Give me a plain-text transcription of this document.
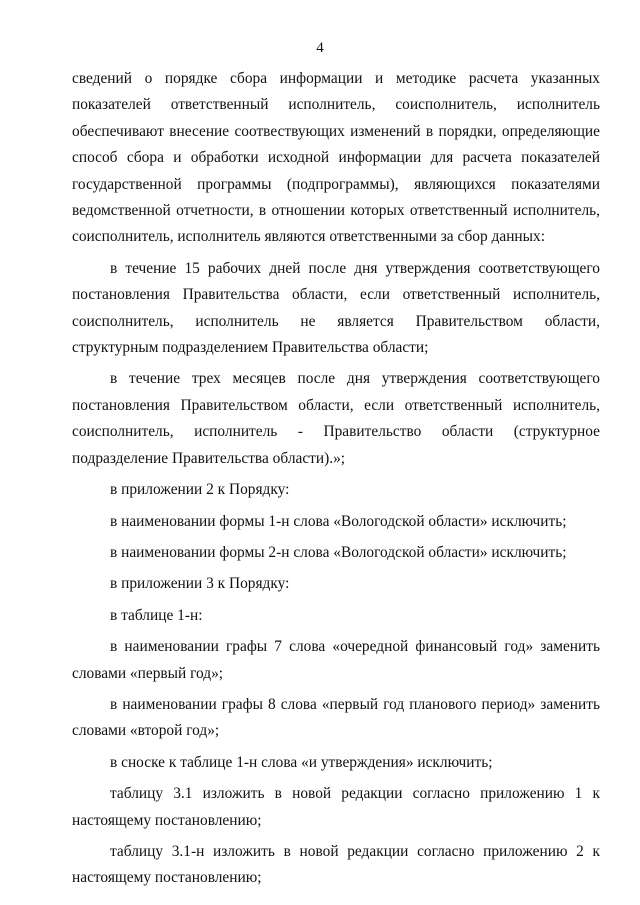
4

сведений о порядке сбора информации и методике расчета указанных показателей ответственный исполнитель, соисполнитель, исполнитель обеспечивают внесение соотвествующих изменений в порядки, определяющие способ сбора и обработки исходной информации для расчета показателей государственной программы (подпрограммы), являющихся показателями ведомственной отчетности, в отношении которых ответственный исполнитель, соисполнитель, исполнитель являются ответственными за сбор данных:

в течение 15 рабочих дней после дня утверждения соответствующего постановления Правительства области, если ответственный исполнитель, соисполнитель, исполнитель не является Правительством области, структурным подразделением Правительства области;

в течение трех месяцев после дня утверждения соответствующего постановления Правительством области, если ответственный исполнитель, соисполнитель, исполнитель - Правительство области (структурное подразделение Правительства области).»;

в приложении 2 к Порядку:

в наименовании формы 1-н слова «Вологодской области» исключить;

в наименовании формы 2-н слова «Вологодской области» исключить;

в приложении 3 к Порядку:

в таблице 1-н:

в наименовании графы 7 слова «очередной финансовый год» заменить словами «первый год»;

в наименовании графы 8 слова «первый год планового период» заменить словами «второй год»;

в сноске к таблице 1-н слова «и утверждения» исключить;

таблицу 3.1 изложить в новой редакции согласно приложению 1 к настоящему постановлению;

таблицу 3.1-н изложить в новой редакции согласно приложению 2 к настоящему постановлению;
